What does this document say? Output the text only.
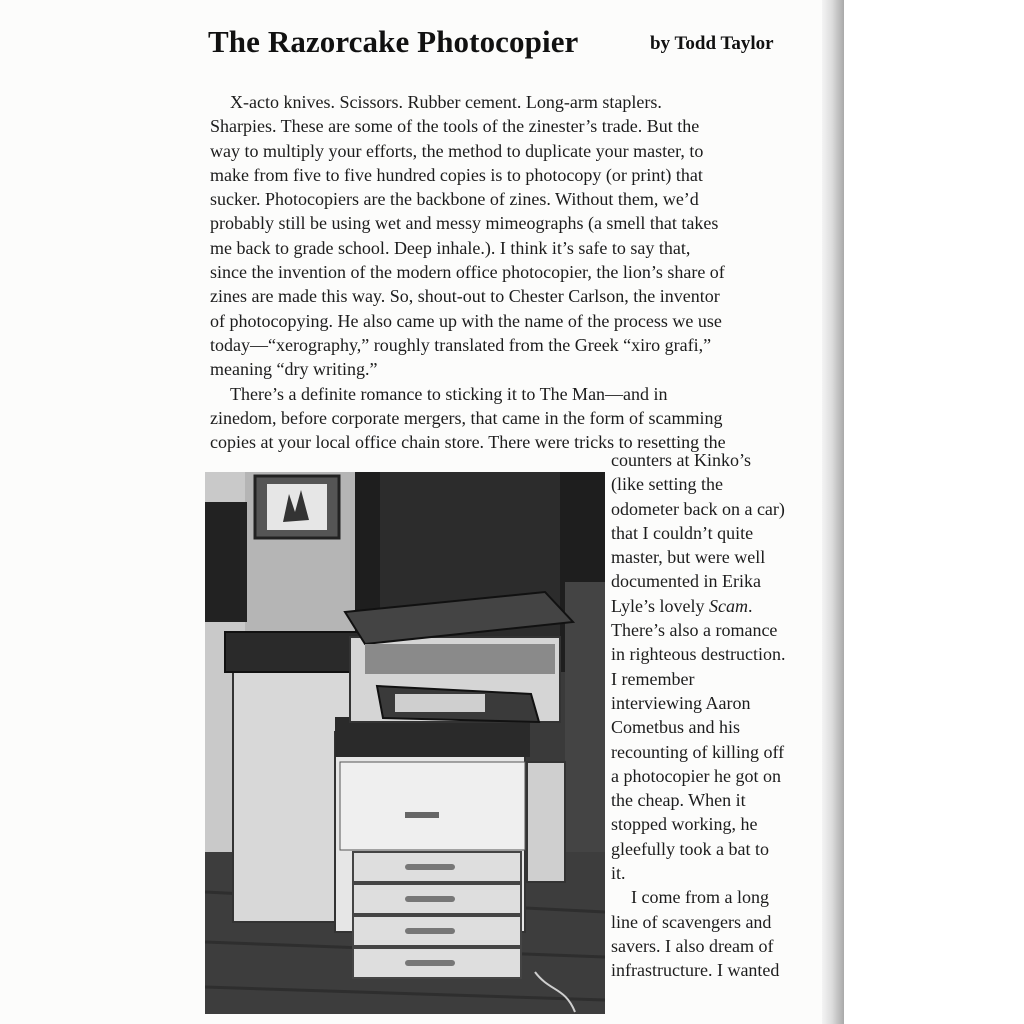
The Razorcake Photocopier	by Todd Taylor
X-acto knives. Scissors. Rubber cement. Long-arm staplers.
Sharpies. These are some of the tools of the zinester’s trade. But the
way to multiply your efforts, the method to duplicate your master, to
make from five to five hundred copies is to photocopy (or print) that
sucker. Photocopiers are the backbone of zines. Without them, we’d
probably still be using wet and messy mimeographs (a smell that takes
me back to grade school. Deep inhale.). I think it’s safe to say that,
since the invention of the modern office photocopier, the lion’s share of
zines are made this way. So, shout-out to Chester Carlson, the inventor
of photocopying. He also came up with the name of the process we use
today—“xerography,” roughly translated from the Greek “xiro grafi,”
meaning “dry writing.”
There’s a definite romance to sticking it to The Man—and in
zinedom, before corporate mergers, that came in the form of scamming
copies at your local office chain store. There were tricks to resetting the
counters at Kinko’s
(like setting the
odometer back on a car)
that I couldn’t quite
master, but were well
documented in Erika
Lyle’s lovely Scam.
There’s also a romance
in righteous destruction.
I remember
interviewing Aaron
Cometbus and his
recounting of killing off
a photocopier he got on
the cheap. When it
stopped working, he
gleefully took a bat to
it.
I come from a long
line of scavengers and
savers. I also dream of
infrastructure. I wanted
